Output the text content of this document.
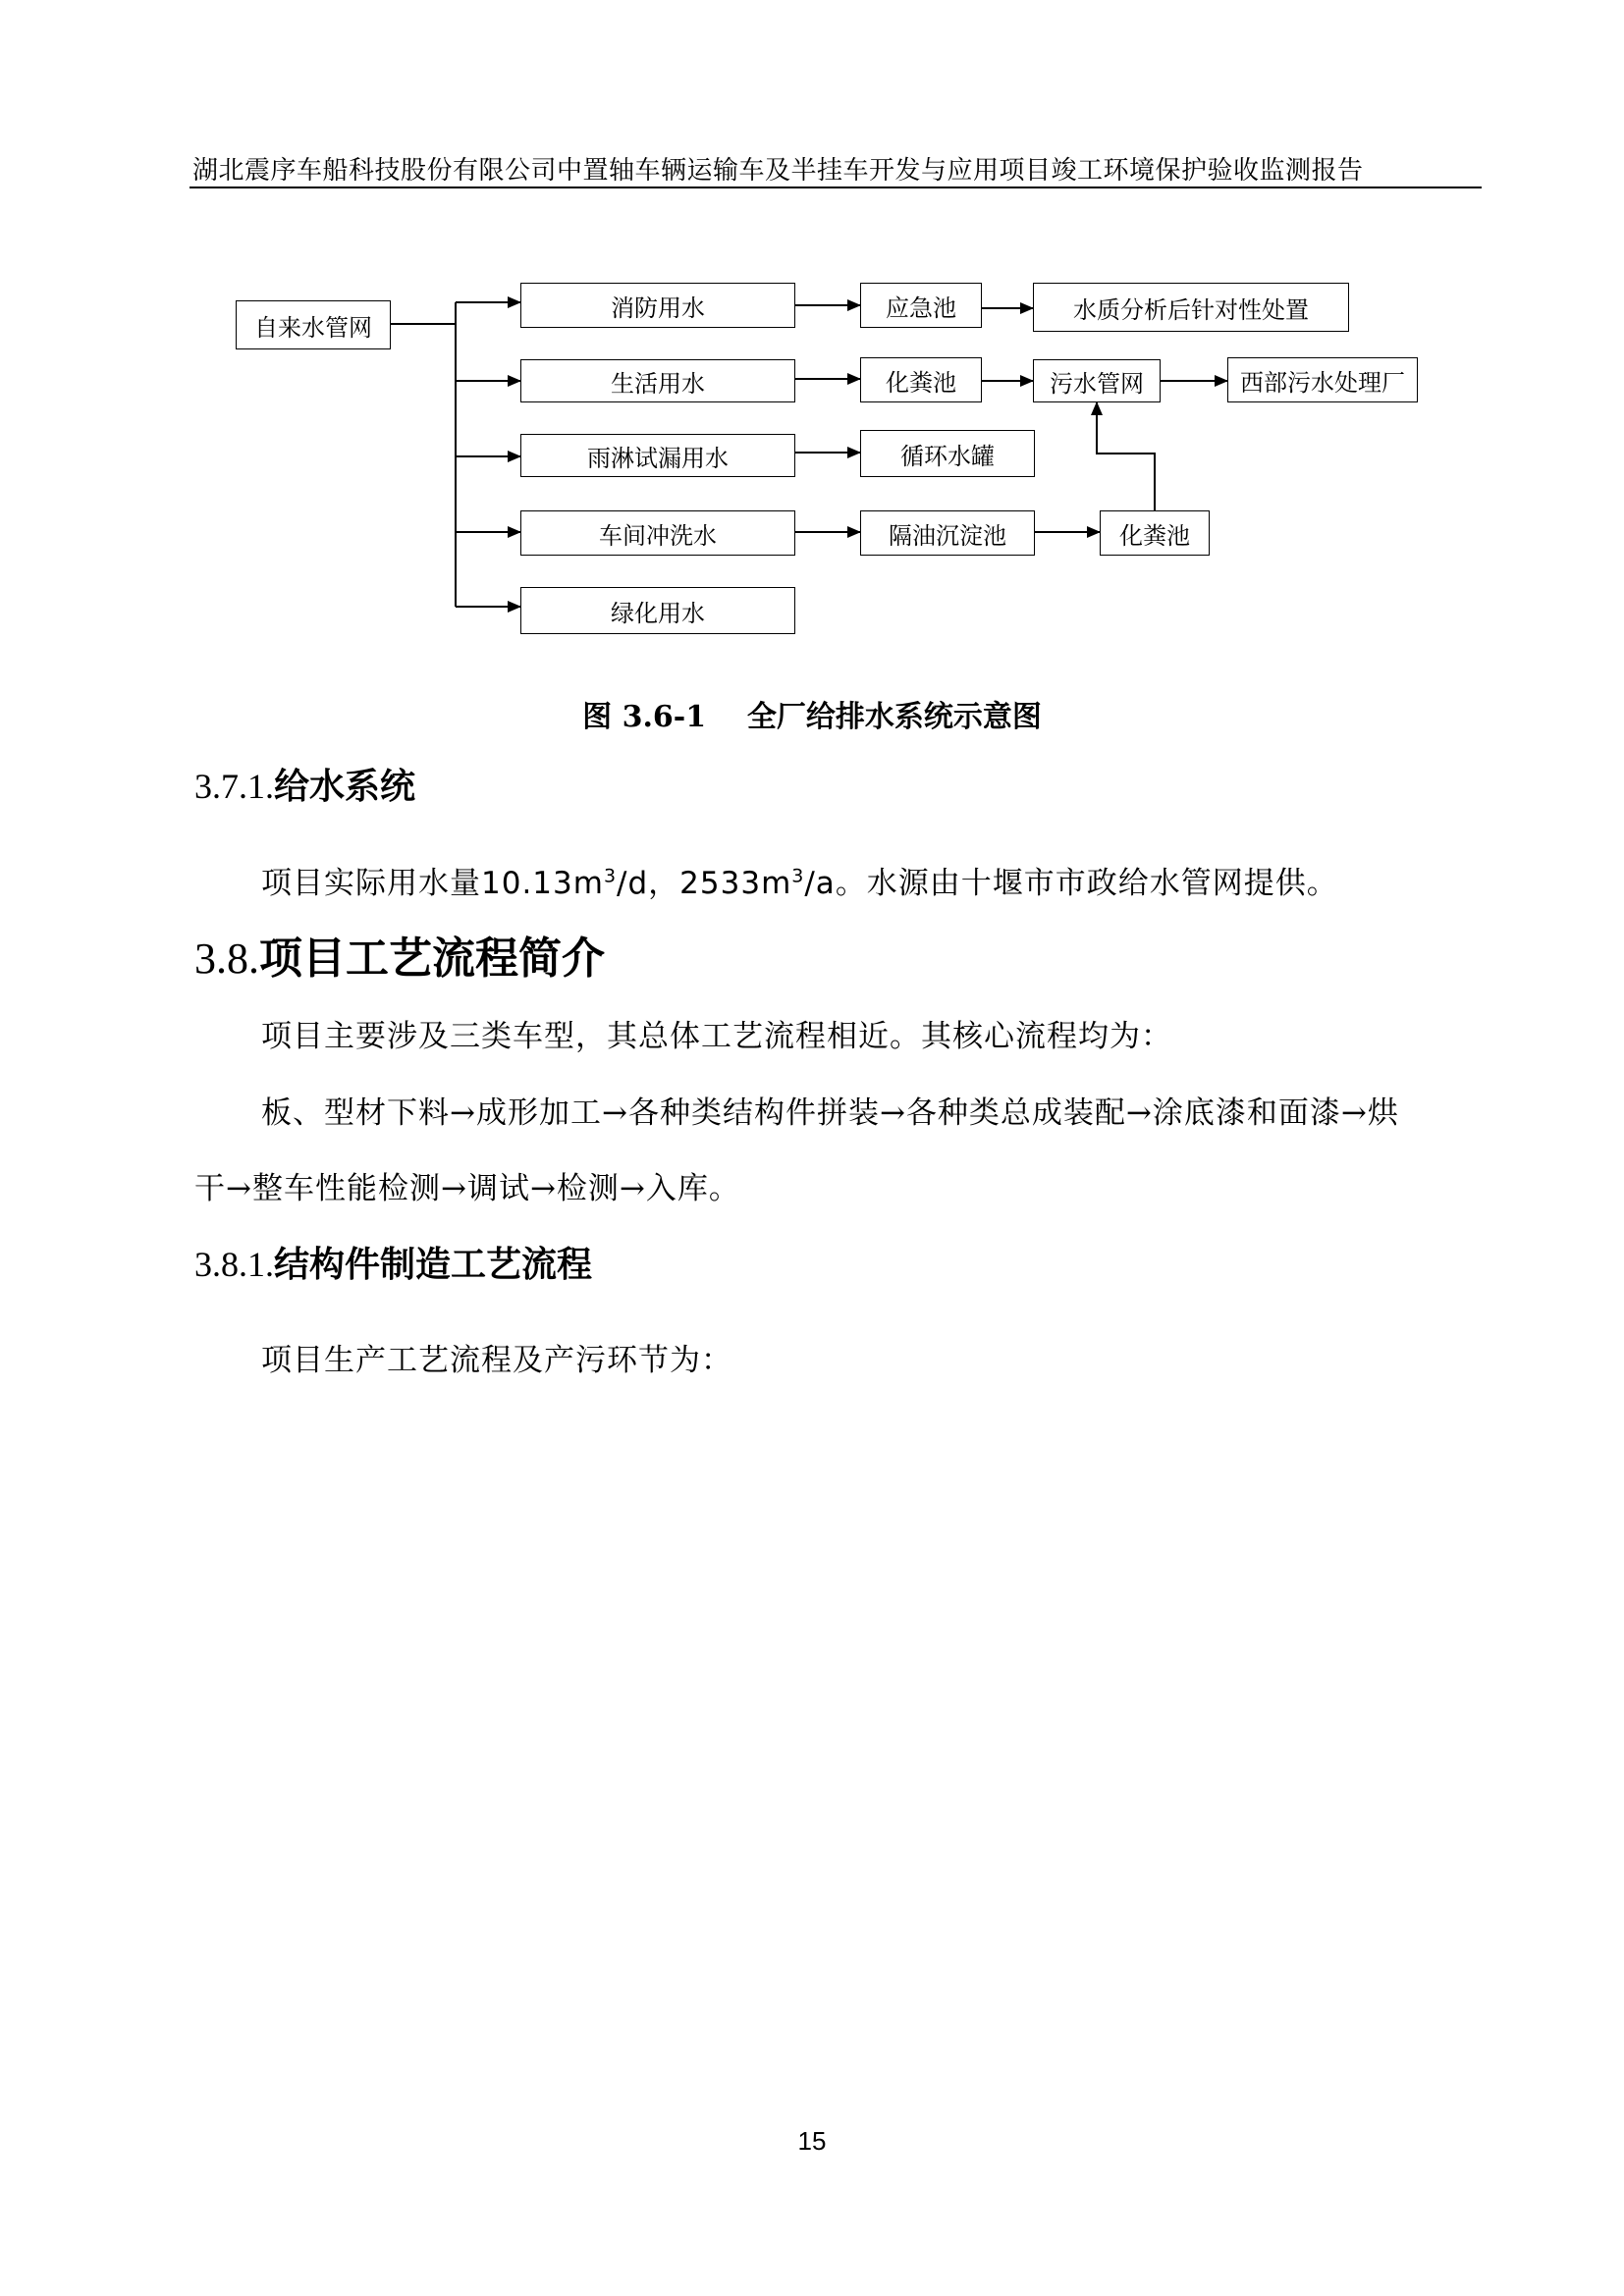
湖北震序车船科技股份有限公司中置轴车辆运输车及半挂车开发与应用项目竣工环境保护验收监测报告
自来水管网
消防用水	应急池	水质分析后针对性处置
生活用水	化粪池	污水管网	西部污水处理厂
雨淋试漏用水	循环水罐
车间冲洗水	隔油沉淀池	化粪池
绿化用水
图 3.6-1    全厂给排水系统示意图
3.7.1.给水系统
项目实际用水量$10.13m^3/d$，$2533m^3/a$。水源由十堰市市政给水管网提供。
3.8.项目工艺流程简介
项目主要涉及三类车型，其总体工艺流程相近。其核心流程均为：
板、型材下料→成形加工→各种类结构件拼装→各种类总成装配→涂底漆和面漆→烘
干→整车性能检测→调试→检测→入库。
3.8.1.结构件制造工艺流程
项目生产工艺流程及产污环节为：
15
